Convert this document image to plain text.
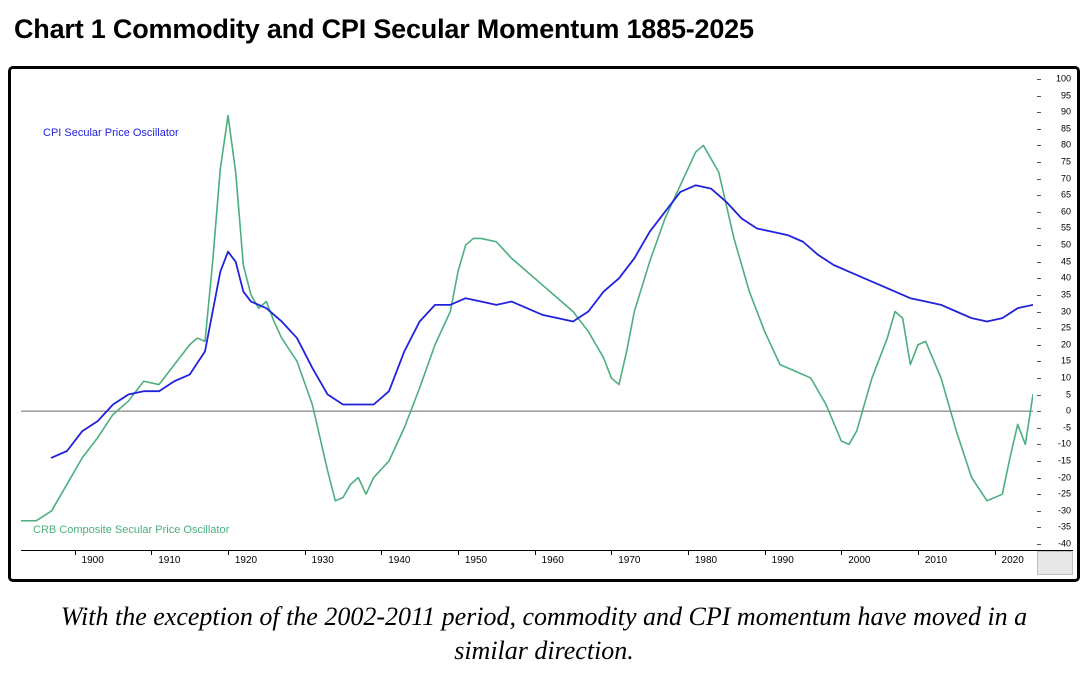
Chart 1 Commodity and CPI Secular Momentum 1885-2025
CPI Secular Price Oscillator
CRB Composite Secular Price Oscillator
-40
-35
-30
-25
-20
-15
-10
-5
0
5
10
15
20
25
30
35
40
45
50
55
60
65
70
75
80
85
90
95
100
1900	1910	1920	1930	1940	1950	1960	1970	1980	1990	2000	2010	2020
With the exception of the 2002-2011 period, commodity and CPI momentum have moved in a similar direction.
